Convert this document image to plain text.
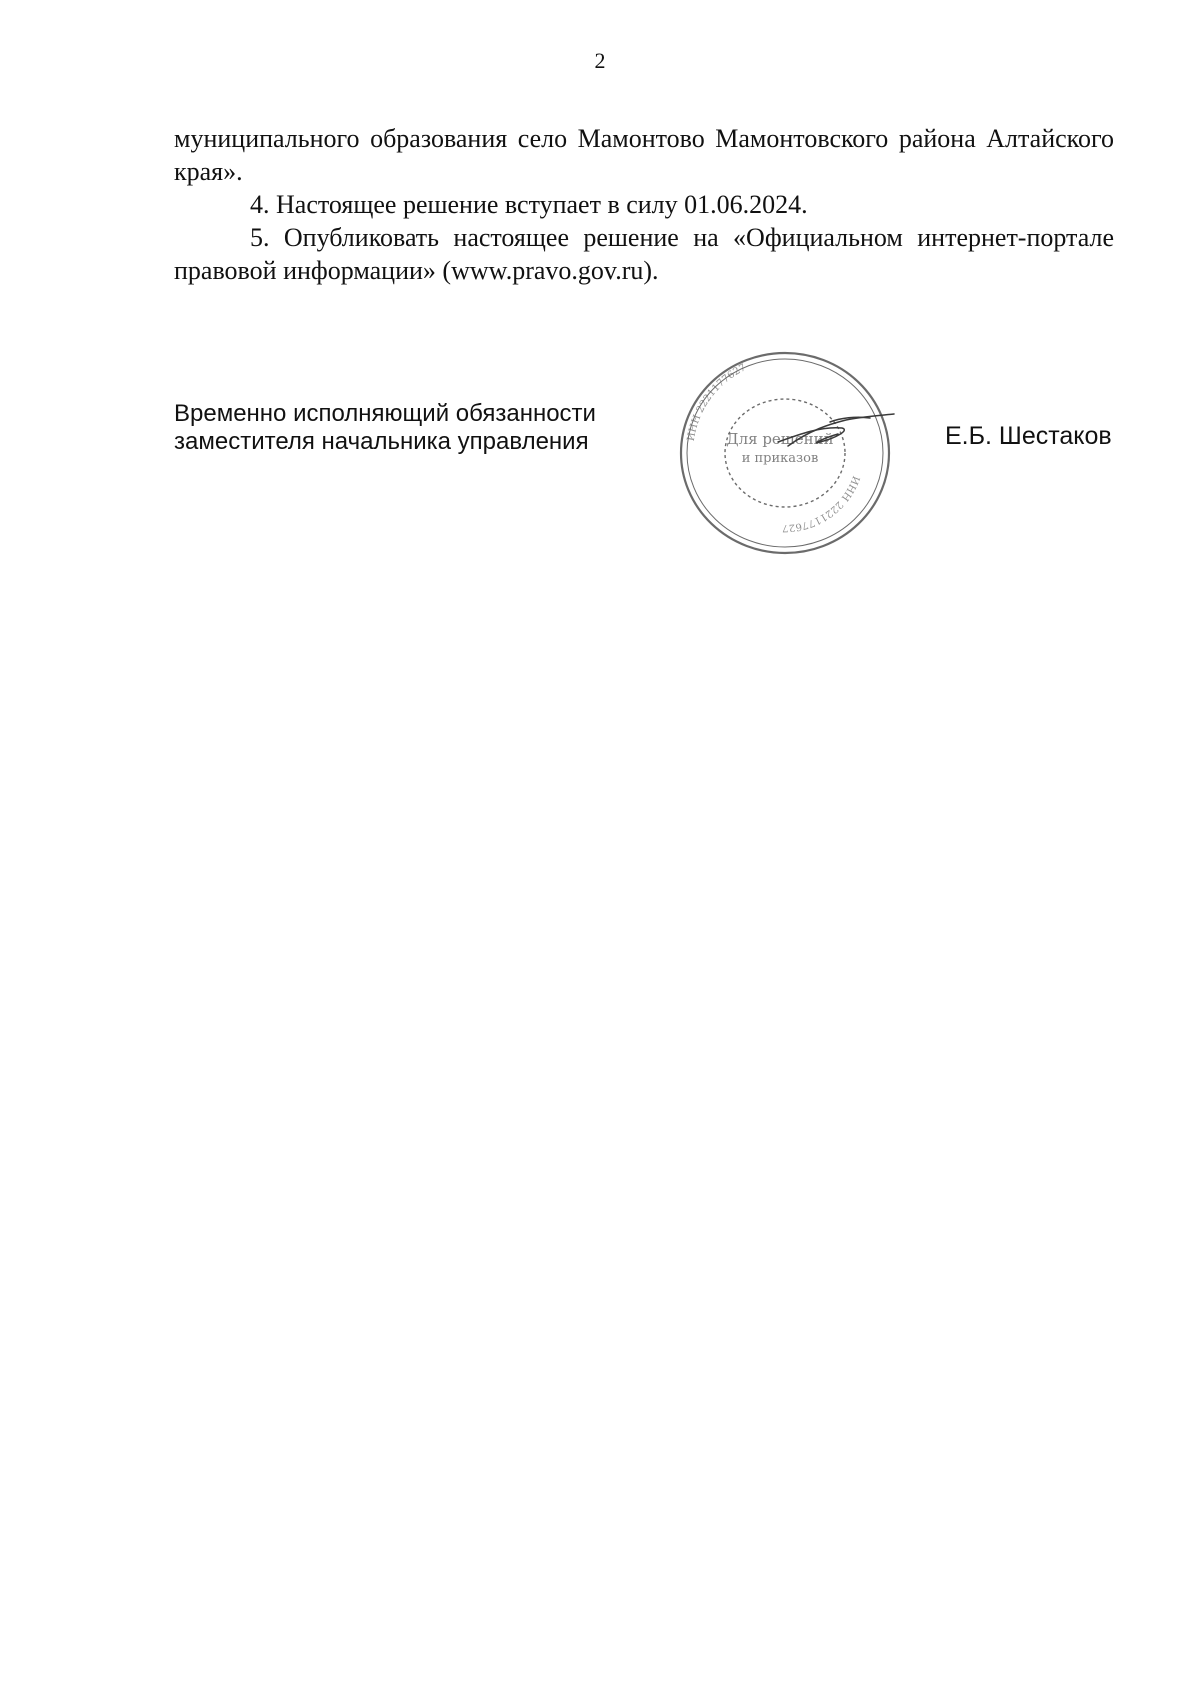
2

муниципального образования село Мамонтово Мамонтовского района Алтайского края».

4. Настоящее решение вступает в силу 01.06.2024.

5. Опубликовать настоящее решение на «Официальном интернет-портале правовой информации» (www.pravo.gov.ru).

Временно исполняющий обязанности
заместителя начальника управления	ИНН 2221177627
ИНН 2221177627
Для решений
и приказов
Е.Б. Шестаков
